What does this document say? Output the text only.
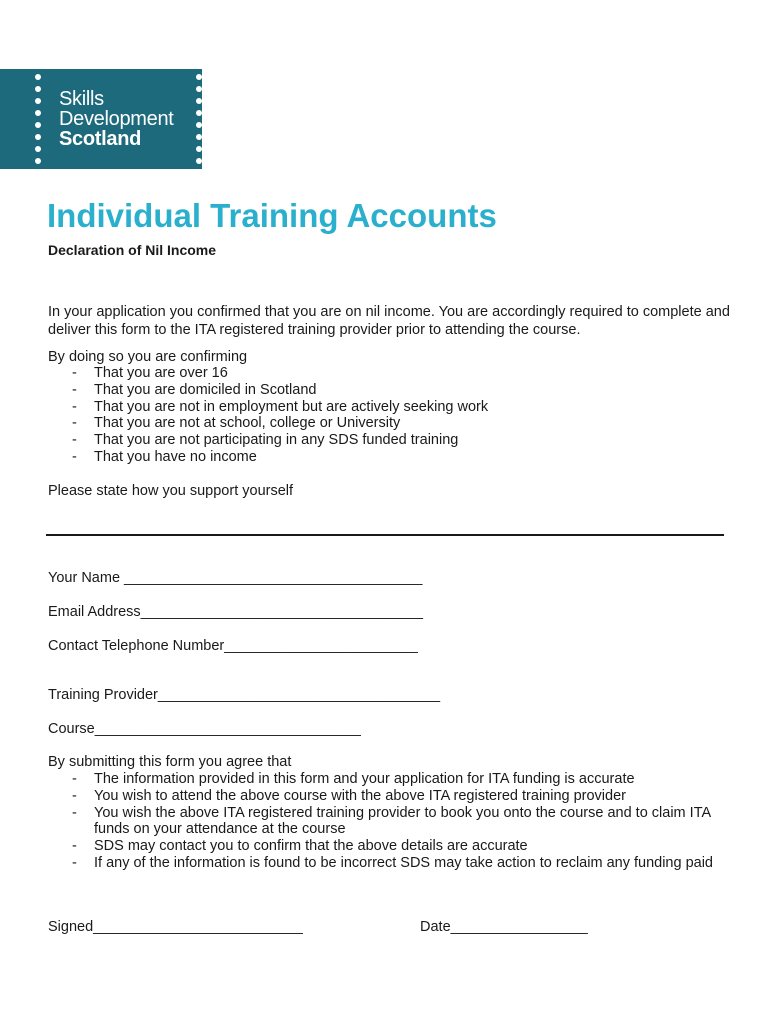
Skills
Development
Scotland
Individual Training Accounts
Declaration of Nil Income
In your application you confirmed that you are on nil income. You are accordingly required to complete and deliver this form to the ITA registered training provider prior to attending the course.
By doing so you are confirming
- That you are over 16
- That you are domiciled in Scotland
- That you are not in employment but are actively seeking work
- That you are not at school, college or University
- That you are not participating in any SDS funded training
- That you have no income
Please state how you support yourself
Your Name _____________________________________
Email Address___________________________________
Contact Telephone Number________________________
Training Provider___________________________________
Course_________________________________
By submitting this form you agree that
- The information provided in this form and your application for ITA funding is accurate
- You wish to attend the above course with the above ITA registered training provider
- You wish the above ITA registered training provider to book you onto the course and to claim ITA funds on your attendance at the course
- SDS may contact you to confirm that the above details are accurate
- If any of the information is found to be incorrect SDS may take action to reclaim any funding paid
Signed__________________________	Date_________________
